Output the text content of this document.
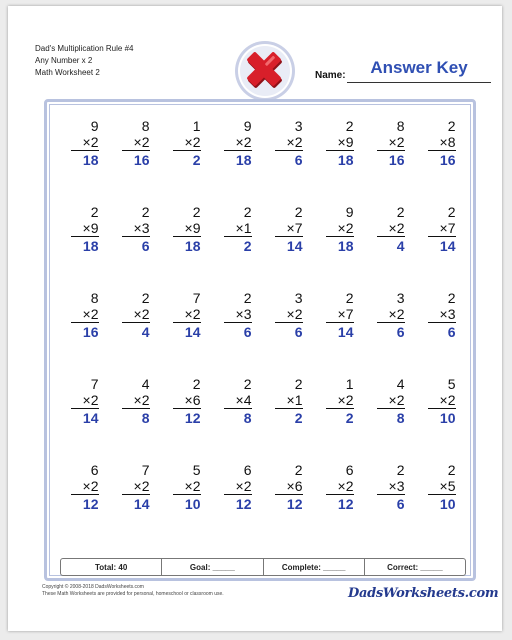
Dad's Multiplication Rule #4
Any Number x 2
Math Worksheet 2	Name:	Answer Key
9
×2
18
8
×2
16
1
×2
2
9
×2
18
3
×2
6
2
×9
18
8
×2
16
2
×8
16
2
×9
18
2
×3
6
2
×9
18
2
×1
2
2
×7
14
9
×2
18
2
×2
4
2
×7
14
8
×2
16
2
×2
4
7
×2
14
2
×3
6
3
×2
6
2
×7
14
3
×2
6
2
×3
6
7
×2
14
4
×2
8
2
×6
12
2
×4
8
2
×1
2
1
×2
2
4
×2
8
5
×2
10
6
×2
12
7
×2
14
5
×2
10
6
×2
12
2
×6
12
6
×2
12
2
×3
6
2
×5
10
Total: 40	Goal: _____	Complete: _____	Correct: _____
Copyright © 2008-2018 DadsWorksheets.com
These Math Worksheets are provided for personal, homeschool or classroom use.	DadsWorksheets.com
